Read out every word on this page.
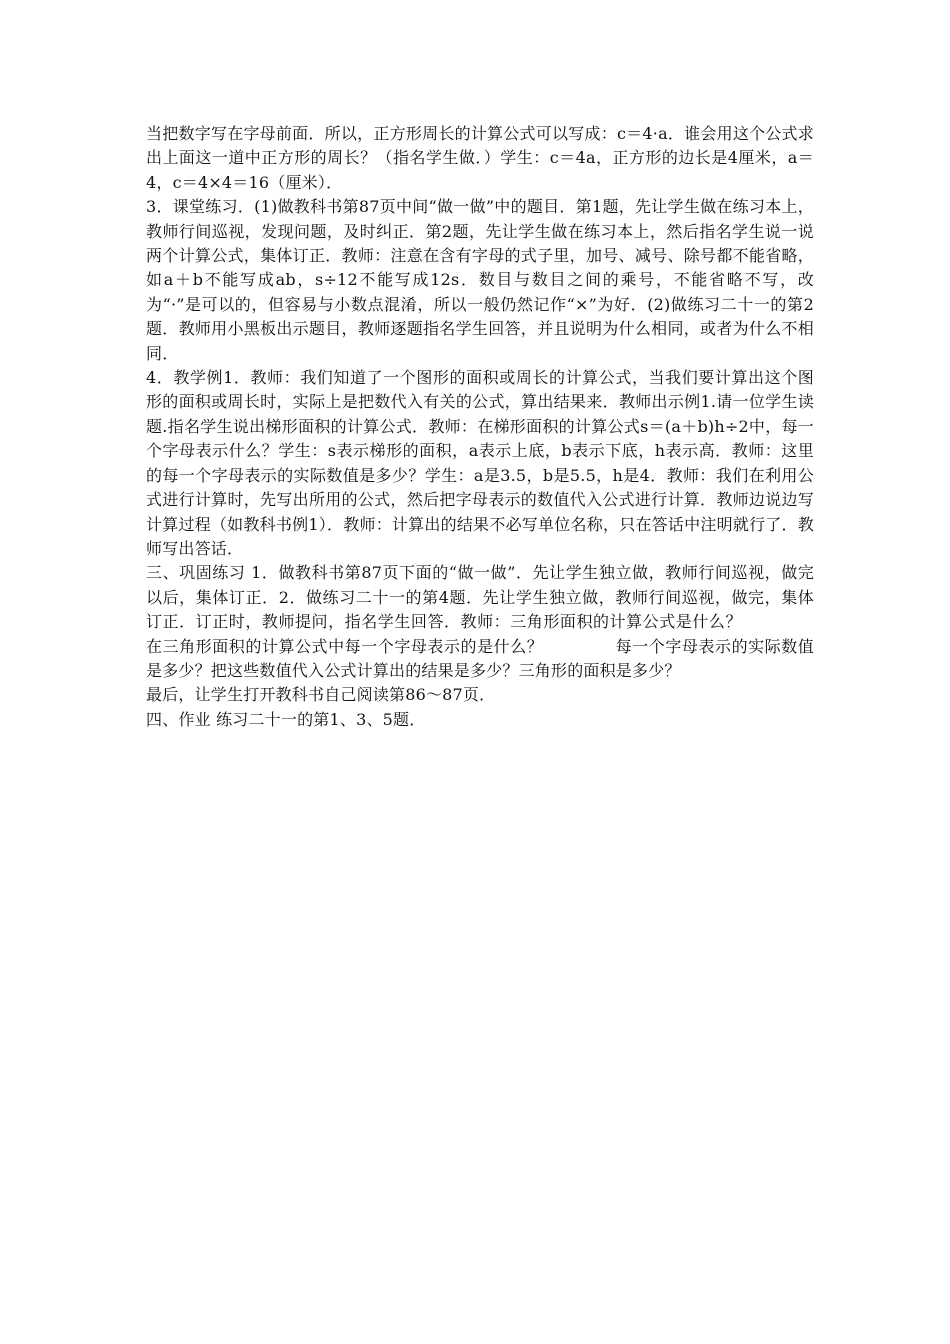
当把数字写在字母前面．所以，正方形周长的计算公式可以写成：c＝4·a．谁会用这个公式求出上面这一道中正方形的周长？（指名学生做．）学生：c＝4a，正方形的边长是4厘米，a＝4，c＝4×4＝16（厘米）．

3．课堂练习．(1)做教科书第87页中间“做一做”中的题目．第1题，先让学生做在练习本上，教师行间巡视，发现问题，及时纠正．第2题，先让学生做在练习本上，然后指名学生说一说两个计算公式，集体订正．教师：注意在含有字母的式子里，加号、减号、除号都不能省略，如a＋b不能写成ab，s÷12不能写成12s．数目与数目之间的乘号，不能省略不写，改为“·”是可以的，但容易与小数点混淆，所以一般仍然记作“×”为好．(2)做练习二十一的第2题．教师用小黑板出示题目，教师逐题指名学生回答，并且说明为什么相同，或者为什么不相同．

4．教学例1．教师：我们知道了一个图形的面积或周长的计算公式，当我们要计算出这个图形的面积或周长时，实际上是把数代入有关的公式，算出结果来．教师出示例1.请一位学生读题.指名学生说出梯形面积的计算公式．教师：在梯形面积的计算公式s＝(a＋b)h÷2中，每一个字母表示什么？学生：s表示梯形的面积，a表示上底，b表示下底，h表示高．教师：这里的每一个字母表示的实际数值是多少？学生：a是3.5，b是5.5，h是4．教师：我们在利用公式进行计算时，先写出所用的公式，然后把字母表示的数值代入公式进行计算．教师边说边写计算过程（如教科书例1）．教师：计算出的结果不必写单位名称，只在答话中注明就行了．教师写出答话．

三、巩固练习 1．做教科书第87页下面的“做一做”．先让学生独立做，教师行间巡视，做完以后，集体订正．2．做练习二十一的第4题．先让学生独立做，教师行间巡视，做完，集体订正．订正时，教师提问，指名学生回答．教师：三角形面积的计算公式是什么？在三角形面积的计算公式中每一个字母表示的是什么？	每一个字母表示的实际数值是多少？把这些数值代入公式计算出的结果是多少？三角形的面积是多少？

最后，让学生打开教科书自己阅读第86～87页．

四、作业 练习二十一的第1、3、5题．
